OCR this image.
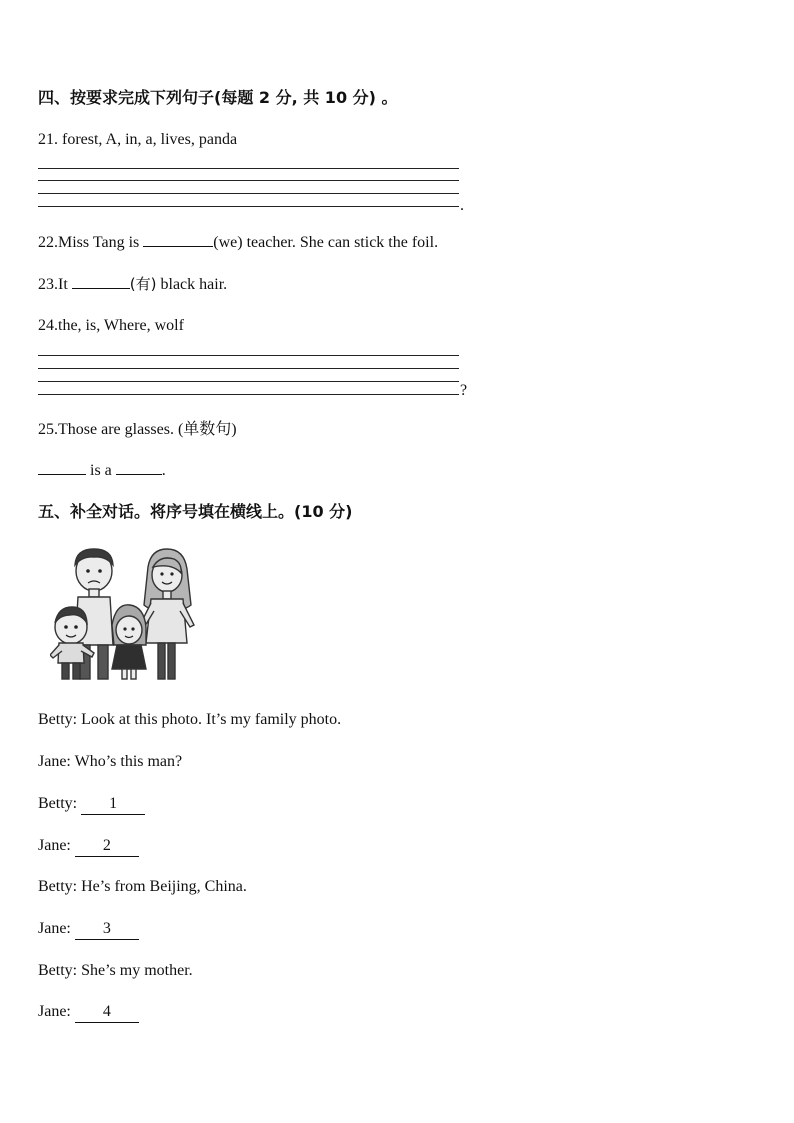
四、按要求完成下列句子(每题 2 分, 共 10 分) 。
21. forest, A, in, a, lives, panda
.
22.Miss Tang is	(we) teacher. She can stick the foil.
23.It	(有) black hair.
24.the, is, Where, wolf
?
25.Those are glasses. (单数句)
is a	.
五、补全对话。将序号填在横线上。(10 分)
Betty: Look at this photo. It’s my family photo.
Jane: Who’s this man?
Betty: 1
Jane: 2
Betty: He’s from Beijing, China.
Jane: 3
Betty: She’s my mother.
Jane: 4
